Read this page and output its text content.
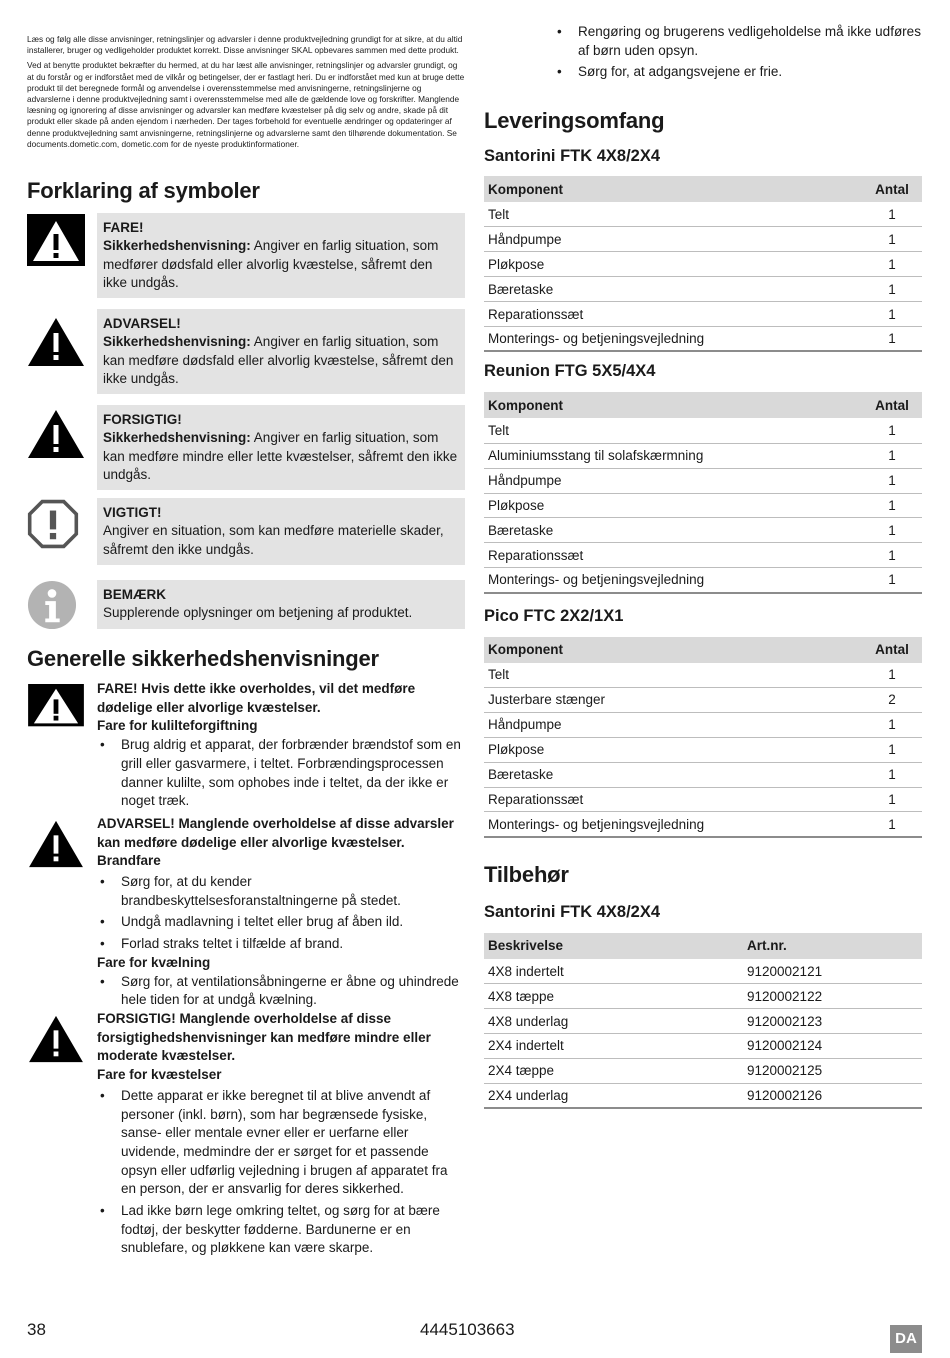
Læs og følg alle disse anvisninger, retningslinjer og advarsler i denne produktvejledning grundigt for at sikre, at du altid installerer, bruger og vedligeholder produktet korrekt. Disse anvisninger SKAL opbevares sammen med dette produkt.

Ved at benytte produktet bekræfter du hermed, at du har læst alle anvisninger, retningslinjer og advarsler grundigt, og at du forstår og er indforstået med de vilkår og betingelser, der er fastlagt heri. Du er indforstået med kun at bruge dette produkt til det beregnede formål og anvendelse i overensstemmelse med anvisningerne, retningslinjerne og advarslerne i denne produktvejledning samt i overensstemmelse med alle de gældende love og forskrifter. Manglende læsning og ignorering af disse anvisninger og advarsler kan medføre kvæstelser på dig selv og andre, skade på dit produkt eller skade på anden ejendom i nærheden. Der tages forbehold for eventuelle ændringer og opdateringer af denne produktvejledning samt anvisningerne, retningslinjerne og advarslerne samt den tilhørende dokumentation. Se documents.dometic.com, dometic.com for de nyeste produktinformationer.

Forklaring af symboler
FARE!
Sikkerhedshenvisning: Angiver en farlig situation, som medfører dødsfald eller alvorlig kvæstelse, såfremt den ikke undgås.
ADVARSEL!
Sikkerhedshenvisning: Angiver en farlig situation, som kan medføre dødsfald eller alvorlig kvæstelse, såfremt den ikke undgås.
FORSIGTIG!
Sikkerhedshenvisning: Angiver en farlig situation, som kan medføre mindre eller lette kvæstelser, såfremt den ikke undgås.
VIGTIGT!
Angiver en situation, som kan medføre materielle skader, såfremt den ikke undgås.
BEMÆRK
Supplerende oplysninger om betjening af produktet.
Generelle sikkerhedshenvisninger
FARE! Hvis dette ikke overholdes, vil det medføre dødelige eller alvorlige kvæstelser.
Fare for kulilteforgiftning
• Brug aldrig et apparat, der forbrænder brændstof som en grill eller gasvarmere, i teltet. Forbrændingsprocessen danner kulilte, som ophobes inde i teltet, da der ikke er noget træk.
ADVARSEL! Manglende overholdelse af disse advarsler kan medføre dødelige eller alvorlige kvæstelser.
Brandfare
• Sørg for, at du kender brandbeskyttelsesforanstaltningerne på stedet.
• Undgå madlavning i teltet eller brug af åben ild.
• Forlad straks teltet i tilfælde af brand.
Fare for kvælning
• Sørg for, at ventilationsåbningerne er åbne og uhindrede hele tiden for at undgå kvælning.
FORSIGTIG! Manglende overholdelse af disse forsigtighedshenvisninger kan medføre mindre eller moderate kvæstelser.
Fare for kvæstelser
• Dette apparat er ikke beregnet til at blive anvendt af personer (inkl. børn), som har begrænsede fysiske, sanse- eller mentale evner eller er uerfarne eller uvidende, medmindre der er sørget for et passende opsyn eller udførlig vejledning i brugen af apparatet fra en person, der er ansvarlig for deres sikkerhed.
• Lad ikke børn lege omkring teltet, og sørg for at bære fodtøj, der beskytter fødderne. Bardunerne er en snublefare, og pløkkene kan være skarpe.
• Rengøring og brugerens vedligeholdelse må ikke udføres af børn uden opsyn.
• Sørg for, at adgangsvejene er frie.
Leveringsomfang
Santorini FTK 4X8/2X4
Komponent	Antal
Telt	1
Håndpumpe	1
Pløkpose	1
Bæretaske	1
Reparationssæt	1
Monterings- og betjeningsvejledning	1
Reunion FTG 5X5/4X4
Komponent	Antal
Telt	1
Aluminiumsstang til solafskærmning	1
Håndpumpe	1
Pløkpose	1
Bæretaske	1
Reparationssæt	1
Monterings- og betjeningsvejledning	1
Pico FTC 2X2/1X1
Komponent	Antal
Telt	1
Justerbare stænger	2
Håndpumpe	1
Pløkpose	1
Bæretaske	1
Reparationssæt	1
Monterings- og betjeningsvejledning	1
Tilbehør
Santorini FTK 4X8/2X4
Beskrivelse	Art.nr.
4X8 indertelt	9120002121
4X8 tæppe	9120002122
4X8 underlag	9120002123
2X4 indertelt	9120002124
2X4 tæppe	9120002125
2X4 underlag	9120002126
38	4445103663	DA
